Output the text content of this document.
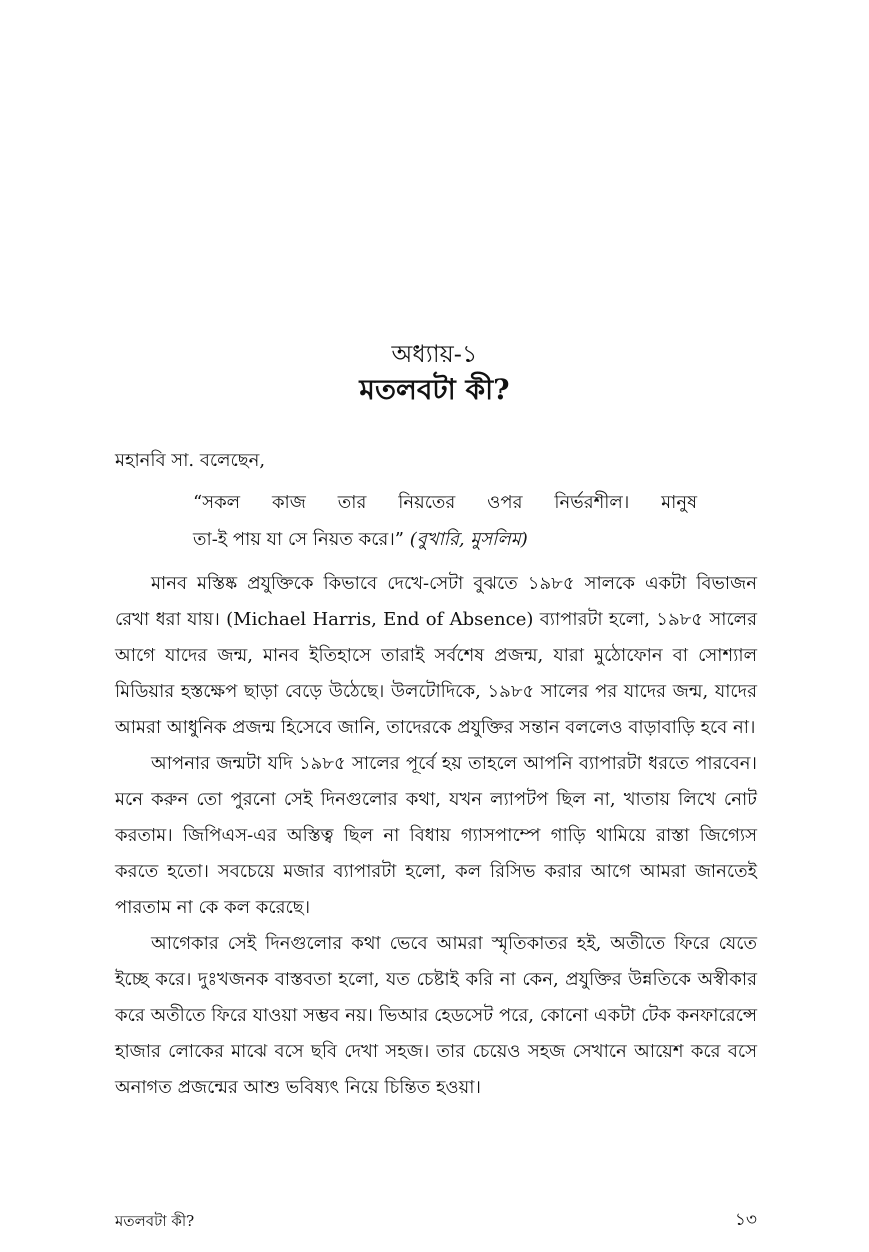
অধ্যায়-১
মতলবটা কী?
মহানবি সা. বলেছেন,
“সকল কাজ তার নিয়তের ওপর নির্ভরশীল। মানুষ
তা-ই পায় যা সে নিয়ত করে।” (বুখারি, মুসলিম)

মানব মস্তিষ্ক প্রযুক্তিকে কিভাবে দেখে-সেটা বুঝতে ১৯৮৫ সালকে একটা বিভাজন রেখা ধরা যায়। (Michael Harris, End of Absence) ব্যাপারটা হলো, ১৯৮৫ সালের আগে যাদের জন্ম, মানব ইতিহাসে তারাই সর্বশেষ প্রজন্ম, যারা মুঠোফোন বা সোশ্যাল মিডিয়ার হস্তক্ষেপ ছাড়া বেড়ে উঠেছে। উলটোদিকে, ১৯৮৫ সালের পর যাদের জন্ম, যাদের আমরা আধুনিক প্রজন্ম হিসেবে জানি, তাদেরকে প্রযুক্তির সন্তান বললেও বাড়াবাড়ি হবে না।

আপনার জন্মটা যদি ১৯৮৫ সালের পূর্বে হয় তাহলে আপনি ব্যাপারটা ধরতে পারবেন। মনে করুন তো পুরনো সেই দিনগুলোর কথা, যখন ল্যাপটপ ছিল না, খাতায় লিখে নোট করতাম। জিপিএস-এর অস্তিত্ব ছিল না বিধায় গ্যাসপাম্পে গাড়ি থামিয়ে রাস্তা জিগ্যেস করতে হতো। সবচেয়ে মজার ব্যাপারটা হলো, কল রিসিভ করার আগে আমরা জানতেই পারতাম না কে কল করেছে।

আগেকার সেই দিনগুলোর কথা ভেবে আমরা স্মৃতিকাতর হই, অতীতে ফিরে যেতে ইচ্ছে করে। দুঃখজনক বাস্তবতা হলো, যত চেষ্টাই করি না কেন, প্রযুক্তির উন্নতিকে অস্বীকার করে অতীতে ফিরে যাওয়া সম্ভব নয়। ভিআর হেডসেট পরে, কোনো একটা টেক কনফারেন্সে হাজার লোকের মাঝে বসে ছবি দেখা সহজ। তার চেয়েও সহজ সেখানে আয়েশ করে বসে অনাগত প্রজন্মের আশু ভবিষ্যৎ নিয়ে চিন্তিত হওয়া।

মতলবটা কী?	১৩
